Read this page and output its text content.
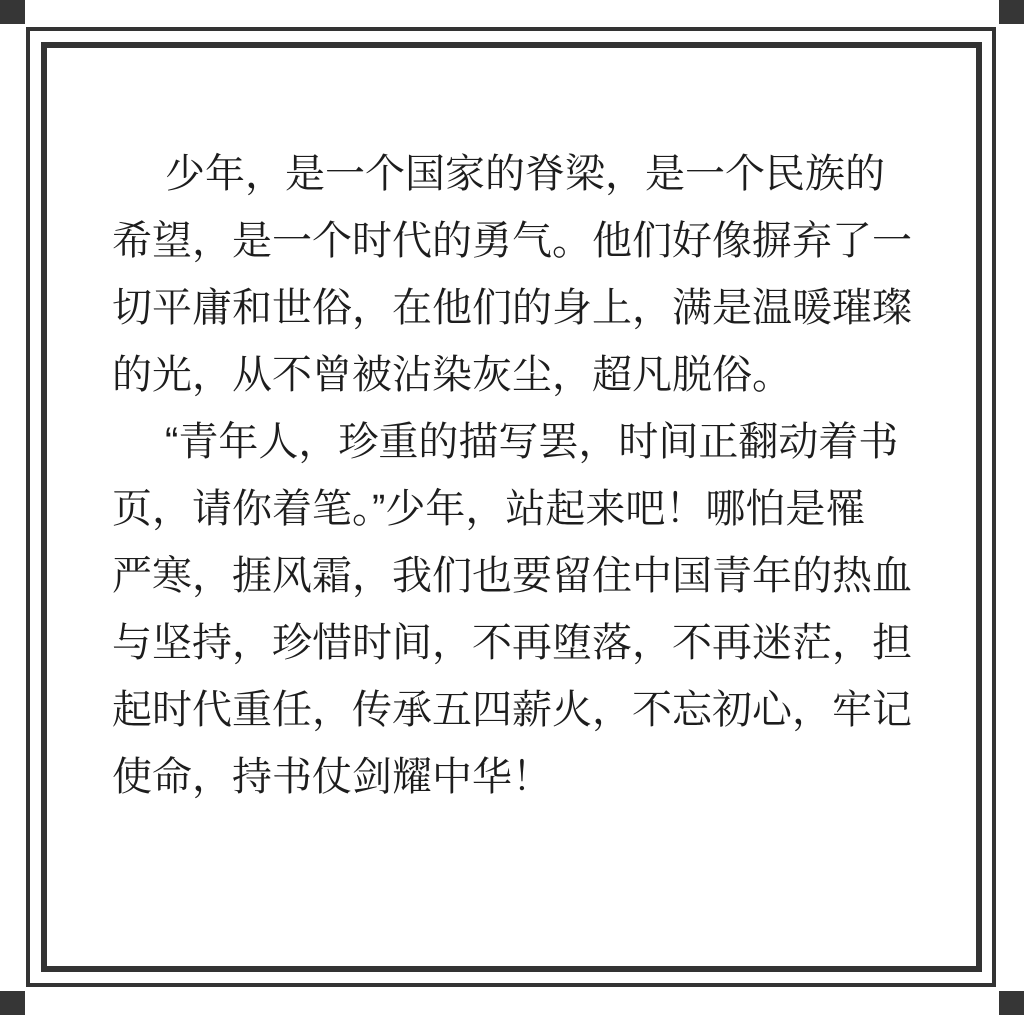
少年，是一个国家的脊梁，是一个民族的
希望，是一个时代的勇气。他们好像摒弃了一
切平庸和世俗，在他们的身上，满是温暖璀璨
的光，从不曾被沾染灰尘，超凡脱俗。
“青年人，珍重的描写罢，时间正翻动着书
页，请你着笔。”少年，站起来吧！哪怕是罹
严寒，捱风霜，我们也要留住中国青年的热血
与坚持，珍惜时间，不再堕落，不再迷茫，担
起时代重任，传承五四薪火，不忘初心，牢记
使命，持书仗剑耀中华！
